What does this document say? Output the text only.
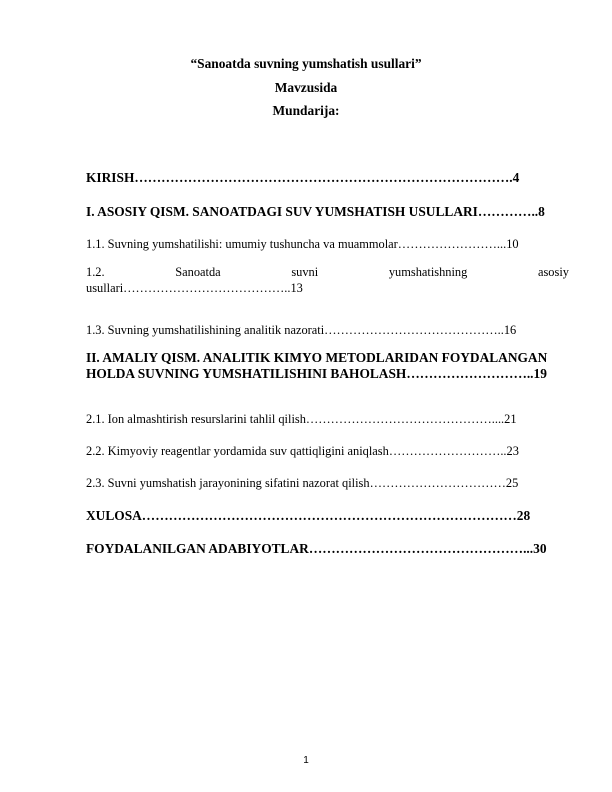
“Sanoatda suvning yumshatish usullari”
Mavzusida
Mundarija:
KIRISH………………………………………………………………………….4
I. ASOSIY QISM. SANOATDAGI SUV YUMSHATISH USULLARI…………..8
1.1. Suvning yumshatilishi: umumiy tushuncha va muammolar……………………...10
1.2.	Sanoatda	suvni	yumshatishning	asosiy
usullari…………………………………..13
1.3. Suvning yumshatilishining analitik nazorati……………………………………..16
II. AMALIY QISM. ANALITIK KIMYO METODLARIDAN FOYDALANGAN
HOLDA SUVNING YUMSHATILISHINI BAHOLASH………………………..19
2.1. Ion almashtirish resurslarini tahlil qilish………………………………………....21
2.2. Kimyoviy reagentlar yordamida suv qattiqligini aniqlash………………………..23
2.3. Suvni yumshatish jarayonining sifatini nazorat qilish……………………………25
XULOSA…………………………………………………………………………28
FOYDALANILGAN ADABIYOTLAR…………………………………………...30
1
